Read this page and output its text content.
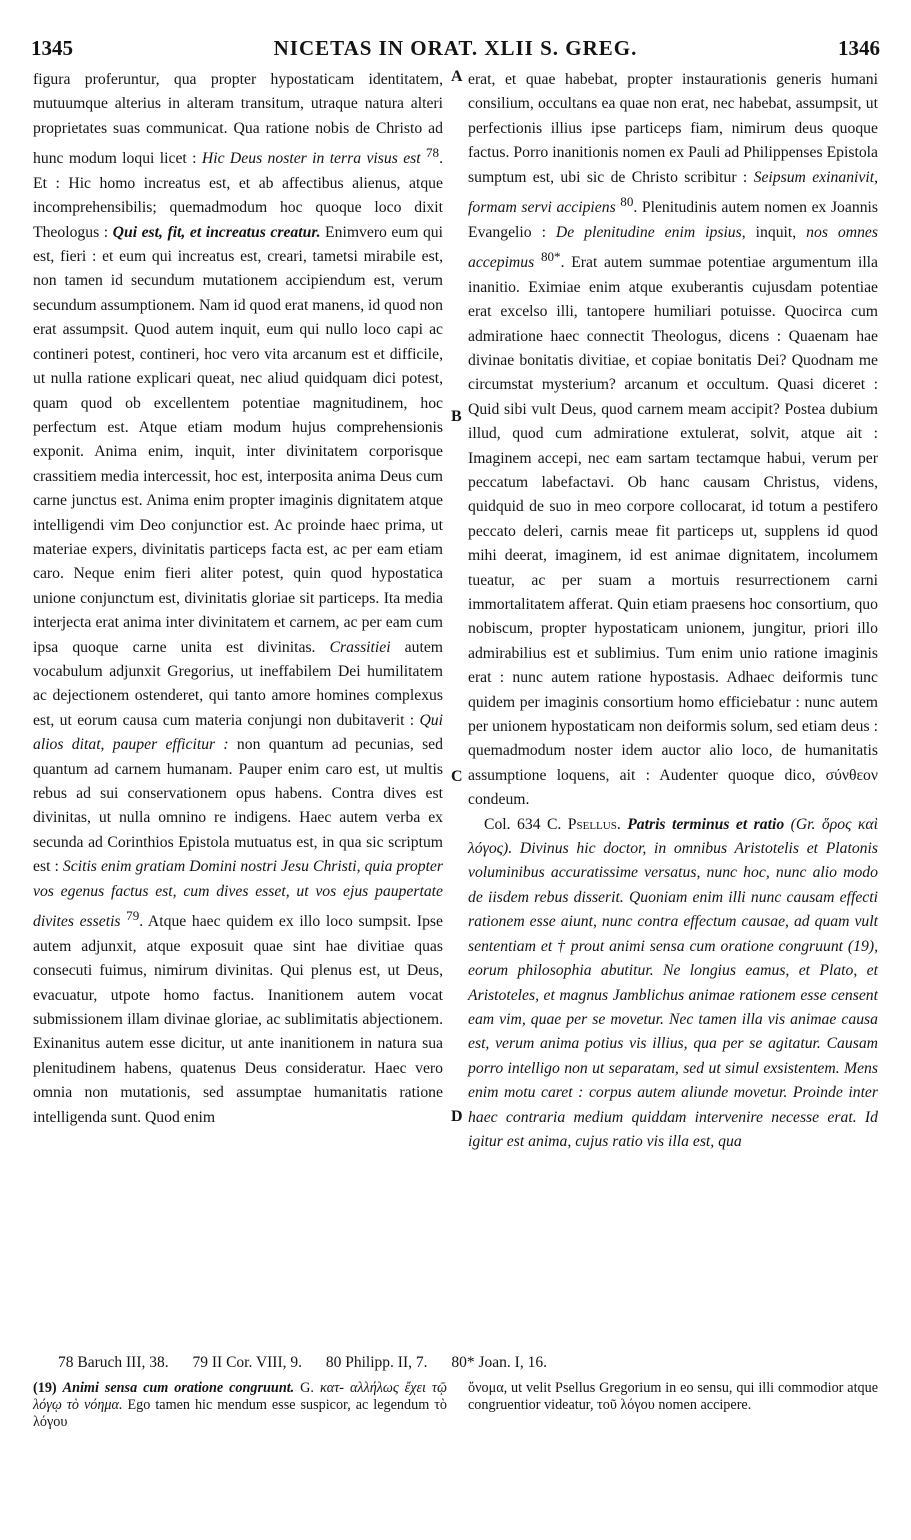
1345	NICETAS IN ORAT. XLII S. GREG.	1346
A
B
C
D

figura proferuntur, qua propter hypostaticam identitatem, mutuumque alterius in alteram transitum, utraque natura alteri proprietates suas communicat. Qua ratione nobis de Christo ad hunc modum loqui licet : Hic Deus noster in terra visus est $^{78}$. Et : Hic homo increatus est, et ab affectibus alienus, atque incomprehensibilis; quemadmodum hoc quoque loco dixit Theologus : Qui est, fit, et increatus creatur. Enimvero eum qui est, fieri : et eum qui increatus est, creari, tametsi mirabile est, non tamen id secundum mutationem accipiendum est, verum secundum assumptionem. Nam id quod erat manens, id quod non erat assumpsit. Quod autem inquit, eum qui nullo loco capi ac contineri potest, contineri, hoc vero vita arcanum est et difficile, ut nulla ratione explicari queat, nec aliud quidquam dici potest, quam quod ob excellentem potentiae magnitudinem, hoc perfectum est. Atque etiam modum hujus comprehensionis exponit. Anima enim, inquit, inter divinitatem corporisque crassitiem media intercessit, hoc est, interposita anima Deus cum carne junctus est. Anima enim propter imaginis dignitatem atque intelligendi vim Deo conjunctior est. Ac proinde haec prima, ut materiae expers, divinitatis particeps facta est, ac per eam etiam caro. Neque enim fieri aliter potest, quin quod hypostatica unione conjunctum est, divinitatis gloriae sit particeps. Ita media interjecta erat anima inter divinitatem et carnem, ac per eam cum ipsa quoque carne unita est divinitas. Crassitiei autem vocabulum adjunxit Gregorius, ut ineffabilem Dei humilitatem ac dejectionem ostenderet, qui tanto amore homines complexus est, ut eorum causa cum materia conjungi non dubitaverit : Qui alios ditat, pauper efficitur : non quantum ad pecunias, sed quantum ad carnem humanam. Pauper enim caro est, ut multis rebus ad sui conservationem opus habens. Contra dives est divinitas, ut nulla omnino re indigens. Haec autem verba ex secunda ad Corinthios Epistola mutuatus est, in qua sic scriptum est : Scitis enim gratiam Domini nostri Jesu Christi, quia propter vos egenus factus est, cum dives esset, ut vos ejus paupertate divites essetis $^{79}$. Atque haec quidem ex illo loco sumpsit. Ipse autem adjunxit, atque exposuit quae sint hae divitiae quas consecuti fuimus, nimirum divinitas. Qui plenus est, ut Deus, evacuatur, utpote homo factus. Inanitionem autem vocat submissionem illam divinae gloriae, ac sublimitatis abjectionem. Exinanitus autem esse dicitur, ut ante inanitionem in natura sua plenitudinem habens, quatenus Deus consideratur. Haec vero omnia non mutationis, sed assumptae humanitatis ratione intelligenda sunt. Quod enim

erat, et quae habebat, propter instaurationis generis humani consilium, occultans ea quae non erat, nec habebat, assumpsit, ut perfectionis illius ipse particeps fiam, nimirum deus quoque factus. Porro inanitionis nomen ex Pauli ad Philippenses Epistola sumptum est, ubi sic de Christo scribitur : Seipsum exinanivit, formam servi accipiens $^{80}$. Plenitudinis autem nomen ex Joannis Evangelio : De plenitudine enim ipsius, inquit, nos omnes accepimus $^{80*}$. Erat autem summae potentiae argumentum illa inanitio. Eximiae enim atque exuberantis cujusdam potentiae erat excelso illi, tantopere humiliari potuisse. Quocirca cum admiratione haec connectit Theologus, dicens : Quaenam hae divinae bonitatis divitiae, et copiae bonitatis Dei? Quodnam me circumstat mysterium? arcanum et occultum. Quasi diceret : Quid sibi vult Deus, quod carnem meam accipit? Postea dubium illud, quod cum admiratione extulerat, solvit, atque ait : Imaginem accepi, nec eam sartam tectamque habui, verum per peccatum labefactavi. Ob hanc causam Christus, videns, quidquid de suo in meo corpore collocarat, id totum a pestifero peccato deleri, carnis meae fit particeps ut, supplens id quod mihi deerat, imaginem, id est animae dignitatem, incolumem tueatur, ac per suam a mortuis resurrectionem carni immortalitatem afferat. Quin etiam praesens hoc consortium, quo nobiscum, propter hypostaticam unionem, jungitur, priori illo admirabilius est et sublimius. Tum enim unio ratione imaginis erat : nunc autem ratione hypostasis. Adhaec deiformis tunc quidem per imaginis consortium homo efficiebatur : nunc autem per unionem hypostaticam non deiformis solum, sed etiam deus : quemadmodum noster idem auctor alio loco, de humanitatis assumptione loquens, ait : Audenter quoque dico, σύνθεον condeum.

Col. 634 C. Psellus. Patris terminus et ratio (Gr. ὅρος καὶ λόγος). Divinus hic doctor, in omnibus Aristotelis et Platonis voluminibus accuratissime versatus, nunc hoc, nunc alio modo de iisdem rebus disserit. Quoniam enim illi nunc causam effecti rationem esse aiunt, nunc contra effectum causae, ad quam vult sententiam et † prout animi sensa cum oratione congruunt (19), eorum philosophia abutitur. Ne longius eamus, et Plato, et Aristoteles, et magnus Jamblichus animae rationem esse censent eam vim, quae per se movetur. Nec tamen illa vis animae causa est, verum anima potius vis illius, qua per se agitatur. Causam porro intelligo non ut separatam, sed ut simul exsistentem. Mens enim motu caret : corpus autem aliunde movetur. Proinde inter haec contraria medium quiddam intervenire necesse erat. Id igitur est anima, cujus ratio vis illa est, qua

78 Baruch III, 38. 79 II Cor. VIII, 9. 80 Philipp. II, 7. 80* Joan. I, 16.

(19) Animi sensa cum oratione congruunt. G. κατ- αλλήλως ἔχει τῷ λόγῳ τὸ νόημα. Ego tamen hic mendum esse suspicor, ac legendum τὸ λόγου

ὄνομα, ut velit Psellus Gregorium in eo sensu, qui illi commodior atque congruentior videatur, τοῦ λόγου nomen accipere.
